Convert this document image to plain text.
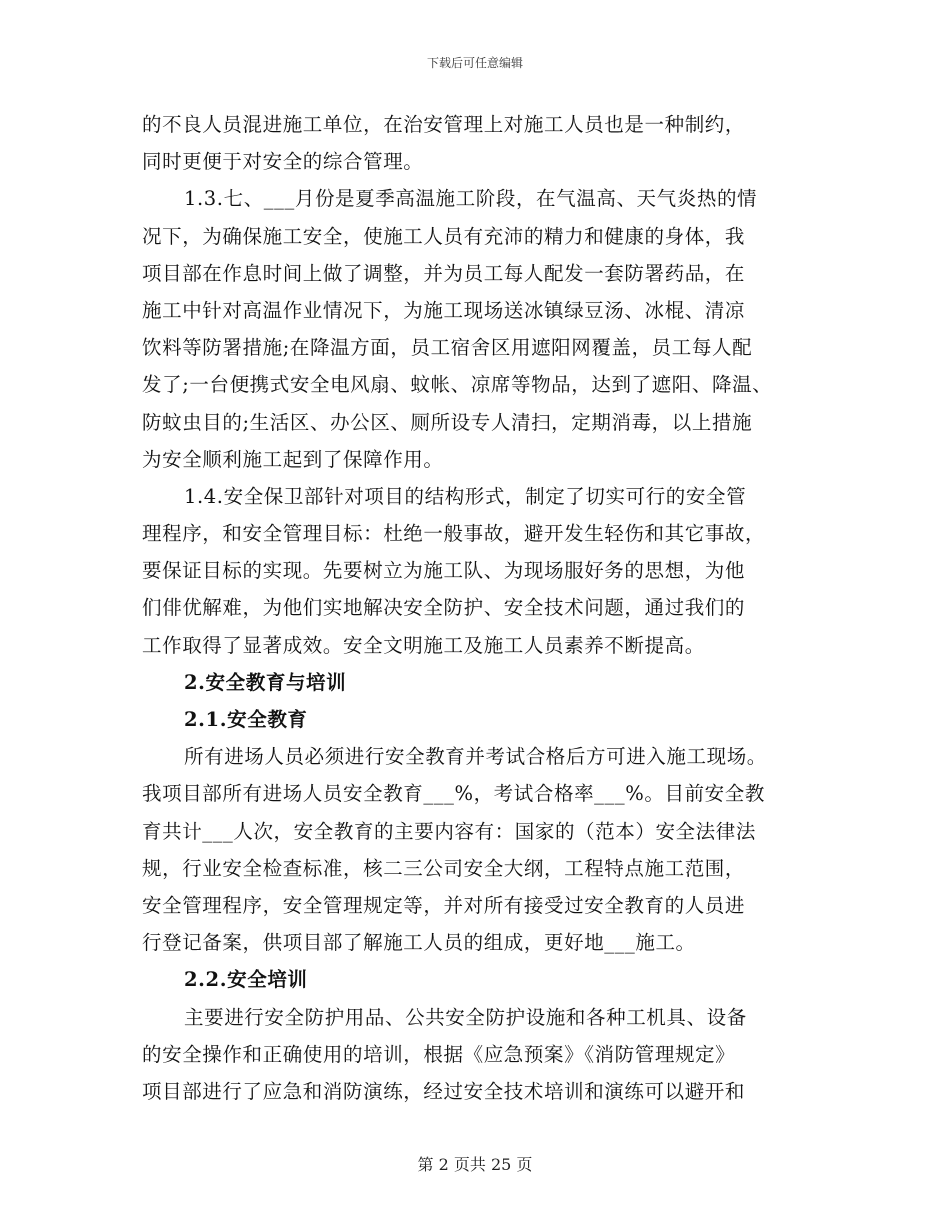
下载后可任意编辑
的不良人员混进施工单位，在治安管理上对施工人员也是一种制约，
同时更便于对安全的综合管理。
1.3.七、___月份是夏季高温施工阶段，在气温高、天气炎热的情
况下，为确保施工安全，使施工人员有充沛的精力和健康的身体，我
项目部在作息时间上做了调整，并为员工每人配发一套防署药品，在
施工中针对高温作业情况下，为施工现场送冰镇绿豆汤、冰棍、清凉
饮料等防署措施;在降温方面，员工宿舍区用遮阳网覆盖，员工每人配
发了;一台便携式安全电风扇、蚊帐、凉席等物品，达到了遮阳、降温、
防蚊虫目的;生活区、办公区、厕所设专人清扫，定期消毒，以上措施
为安全顺利施工起到了保障作用。
1.4.安全保卫部针对项目的结构形式，制定了切实可行的安全管
理程序，和安全管理目标：杜绝一般事故，避开发生轻伤和其它事故，
要保证目标的实现。先要树立为施工队、为现场服好务的思想，为他
们俳优解难，为他们实地解决安全防护、安全技术问题，通过我们的
工作取得了显著成效。安全文明施工及施工人员素养不断提高。
2.安全教育与培训
2.1.安全教育
所有进场人员必须进行安全教育并考试合格后方可进入施工现场。
我项目部所有进场人员安全教育___%，考试合格率___%。目前安全教
育共计___人次，安全教育的主要内容有：国家的（范本）安全法律法
规，行业安全检查标准，核二三公司安全大纲，工程特点施工范围，
安全管理程序，安全管理规定等，并对所有接受过安全教育的人员进
行登记备案，供项目部了解施工人员的组成，更好地___施工。
2.2.安全培训
主要进行安全防护用品、公共安全防护设施和各种工机具、设备
的安全操作和正确使用的培训，根据《应急预案》《消防管理规定》
项目部进行了应急和消防演练，经过安全技术培训和演练可以避开和
第 2 页共 25 页
